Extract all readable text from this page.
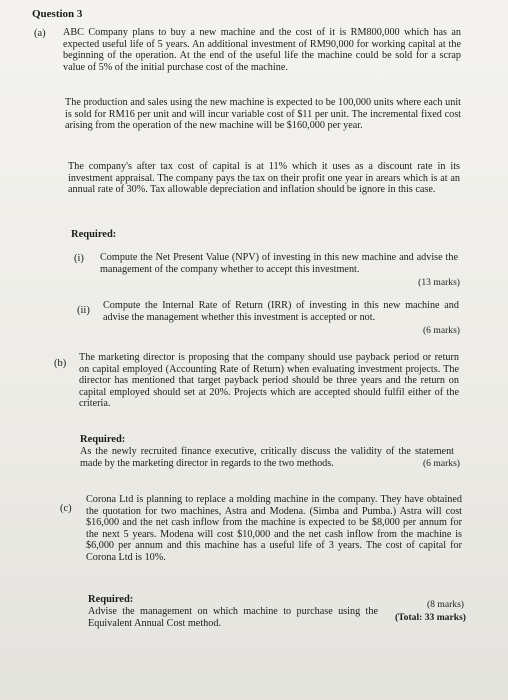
Question 3
(a) ABC Company plans to buy a new machine and the cost of it is RM800,000 which has an expected useful life of 5 years. An additional investment of RM90,000 for working capital at the beginning of the operation. At the end of the useful life the machine could be sold for a scrap value of 5% of the initial purchase cost of the machine.

The production and sales using the new machine is expected to be 100,000 units where each unit is sold for RM16 per unit and will incur variable cost of $11 per unit. The incremental fixed cost arising from the operation of the new machine will be $160,000 per year.

The company's after tax cost of capital is at 11% which it uses as a discount rate in its investment appraisal. The company pays the tax on their profit one year in arears which is at an annual rate of 30%. Tax allowable depreciation and inflation should be ignore in this case.

Required:
(i) Compute the Net Present Value (NPV) of investing in this new machine and advise the management of the company whether to accept this investment.
(13 marks)
(ii) Compute the Internal Rate of Return (IRR) of investing in this new machine and advise the management whether this investment is accepted or not.
(6 marks)
(b)

The marketing director is proposing that the company should use payback period or return on capital employed (Accounting Rate of Return) when evaluating investment projects. The director has mentioned that target payback period should be three years and the return on capital employed should set at 20%. Projects which are accepted should fulfil either of the criteria.

Required:
As the newly recruited finance executive, critically discuss the validity of the statement made by the marketing director in regards to the two methods.	(6 marks)
(c)

Corona Ltd is planning to replace a molding machine in the company. They have obtained the quotation for two machines, Astra and Modena. (Simba and Pumba.) Astra will cost $16,000 and the net cash inflow from the machine is expected to be $8,000 per annum for the next 5 years. Modena will cost $10,000 and the net cash inflow from the machine is $6,000 per annum and this machine has a useful life of 3 years. The cost of capital for Corona Ltd is 10%.

Required:
Advise the management on which machine to purchase using the Equivalent Annual Cost method.
(8 marks)
(Total: 33 marks)
